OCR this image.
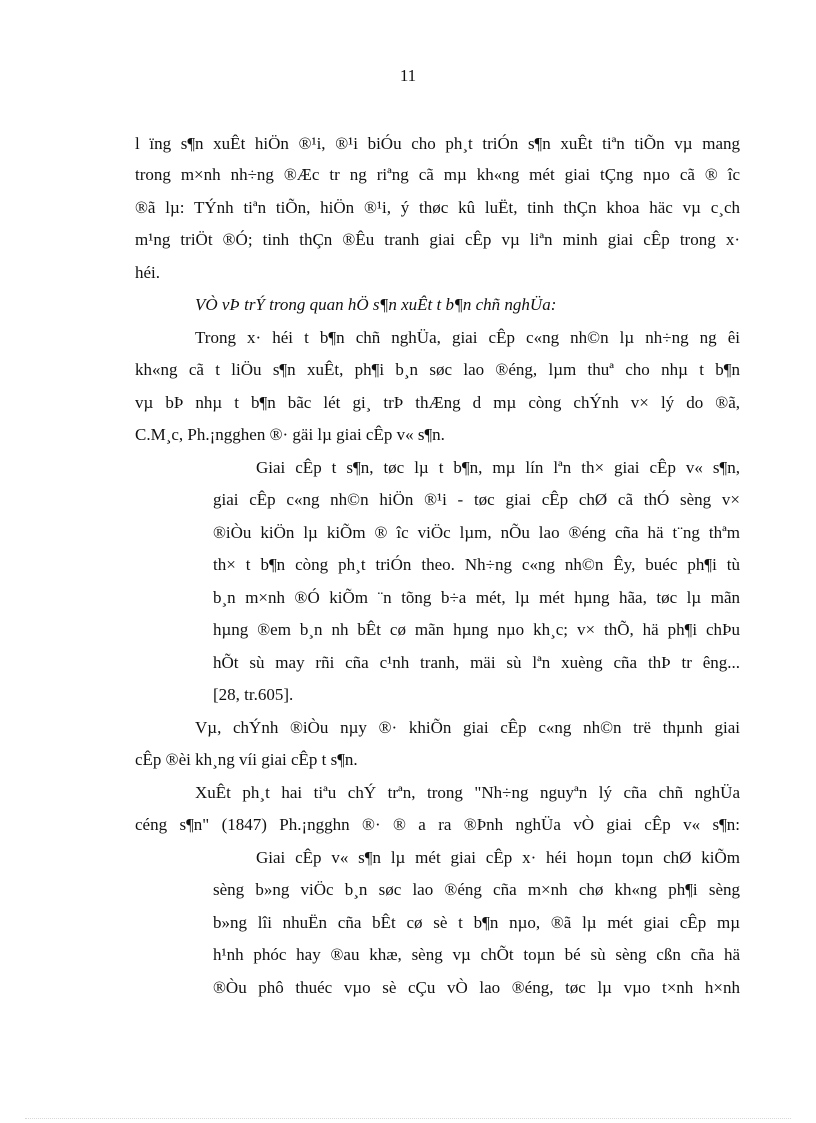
11
l ïng s¶n xuÊt hiÖn ®¹i, ®¹i biÓu cho ph¸t triÓn s¶n xuÊt tiªn tiÕn vµ mang
trong m×nh nh÷ng ®Æc tr ng riªng cã mµ kh«ng mét giai tÇng nµo cã ® îc
®ã lµ: TÝnh tiªn tiÕn, hiÖn ®¹i, ý thøc kû luËt, tinh thÇn khoa häc vµ c¸ch
m¹ng triÖt ®Ó; tinh thÇn ®Êu tranh giai cÊp vµ liªn minh giai cÊp trong x·
héi.
VÒ vÞ trÝ trong quan hÖ s¶n xuÊt t b¶n chñ nghÜa:
Trong x· héi t b¶n chñ nghÜa, giai cÊp c«ng nh©n lµ nh÷ng ng êi
kh«ng cã t liÖu s¶n xuÊt, ph¶i b¸n søc lao ®éng, lµm thuª cho nhµ t b¶n
vµ bÞ nhµ t b¶n bãc lét gi¸ trÞ thÆng d mµ còng chÝnh v× lý do ®ã,
C.M¸c, Ph.¡ngghen ®· gäi lµ giai cÊp v« s¶n.
Giai cÊp t s¶n, tøc lµ t b¶n, mµ lín lªn th× giai cÊp v« s¶n,
giai cÊp c«ng nh©n hiÖn ®¹i - tøc giai cÊp chØ cã thÓ sèng v×
®iÒu kiÖn lµ kiÕm ® îc viÖc lµm, nÕu lao ®éng cña hä t¨ng thªm
th× t b¶n còng ph¸t triÓn theo. Nh÷ng c«ng nh©n Êy, buéc ph¶i tù
b¸n m×nh ®Ó kiÕm ¨n tõng b÷a mét, lµ mét hµng hãa, tøc lµ mãn
hµng ®em b¸n nh bÊt cø mãn hµng nµo kh¸c; v× thÕ, hä ph¶i chÞu
hÕt sù may rñi cña c¹nh tranh, mäi sù lªn xuèng cña thÞ tr êng...
[28, tr.605].
Vµ, chÝnh ®iÒu nµy ®· khiÕn giai cÊp c«ng nh©n trë thµnh giai
cÊp ®èi kh¸ng víi giai cÊp t s¶n.
XuÊt ph¸t hai tiªu chÝ trªn, trong "Nh÷ng nguyªn lý cña chñ nghÜa
céng s¶n" (1847) Ph.¡ngghn ®· ® a ra ®Þnh nghÜa vÒ giai cÊp v« s¶n:
Giai cÊp v« s¶n lµ mét giai cÊp x· héi hoµn toµn chØ kiÕm
sèng b»ng viÖc b¸n søc lao ®éng cña m×nh chø kh«ng ph¶i sèng
b»ng lîi nhuËn cña bÊt cø sè t b¶n nµo, ®ã lµ mét giai cÊp mµ
h¹nh phóc hay ®au khæ, sèng vµ chÕt toµn bé sù sèng cßn cña hä
®Òu phô thuéc vµo sè cÇu vÒ lao ®éng, tøc lµ vµo t×nh h×nh
